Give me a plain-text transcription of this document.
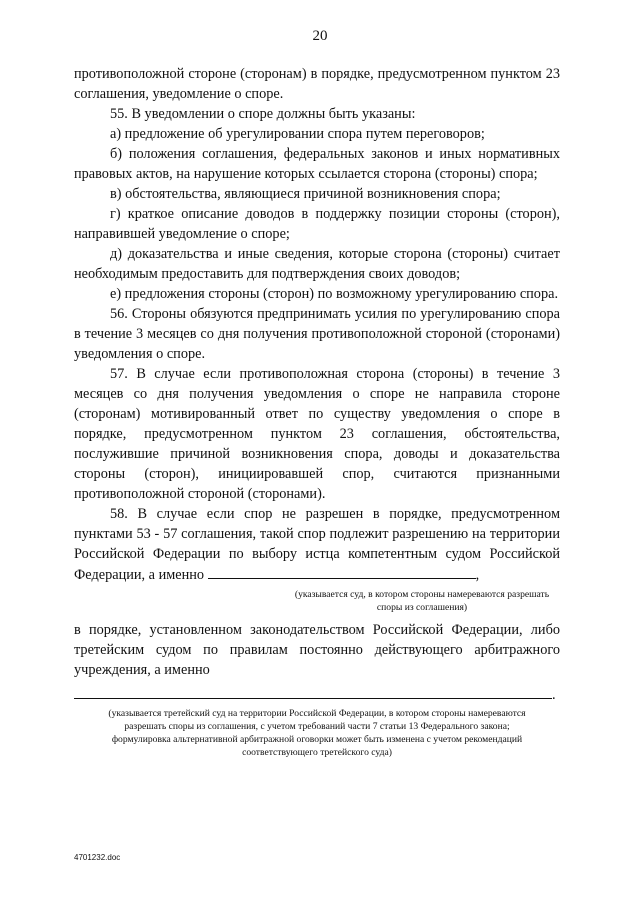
20

противоположной стороне (сторонам) в порядке, предусмотренном пунктом 23 соглашения, уведомление о споре.

55. В уведомлении о споре должны быть указаны:

а) предложение об урегулировании спора путем переговоров;

б) положения соглашения, федеральных законов и иных нормативных правовых актов, на нарушение которых ссылается сторона (стороны) спора;

в) обстоятельства, являющиеся причиной возникновения спора;

г) краткое описание доводов в поддержку позиции стороны (сторон), направившей уведомление о споре;

д) доказательства и иные сведения, которые сторона (стороны) считает необходимым предоставить для подтверждения своих доводов;

е) предложения стороны (сторон) по возможному урегулированию спора.

56. Стороны обязуются предпринимать усилия по урегулированию спора в течение 3 месяцев со дня получения противоположной стороной (сторонами) уведомления о споре.

57. В случае если противоположная сторона (стороны) в течение 3 месяцев со дня получения уведомления о споре не направила стороне (сторонам) мотивированный ответ по существу уведомления о споре в порядке, предусмотренном пунктом 23 соглашения, обстоятельства, послужившие причиной возникновения спора, доводы и доказательства стороны (сторон), инициировавшей спор, считаются признанными противоположной стороной (сторонами).

58. В случае если спор не разрешен в порядке, предусмотренном пунктами 53 - 57 соглашения, такой спор подлежит разрешению на территории Российской Федерации по выбору истца компетентным судом Российской Федерации, а именно	,

(указывается суд, в котором стороны намереваются разрешать споры из соглашения)

в порядке, установленном законодательством Российской Федерации, либо третейским судом по правилам постоянно действующего арбитражного учреждения, а именно

.
(указывается третейский суд на территории Российской Федерации, в котором стороны намереваются разрешать споры из соглашения, с учетом требований части 7 статьи 13 Федерального закона; формулировка альтернативной арбитражной оговорки может быть изменена с учетом рекомендаций соответствующего третейского суда)
4701232.doc
